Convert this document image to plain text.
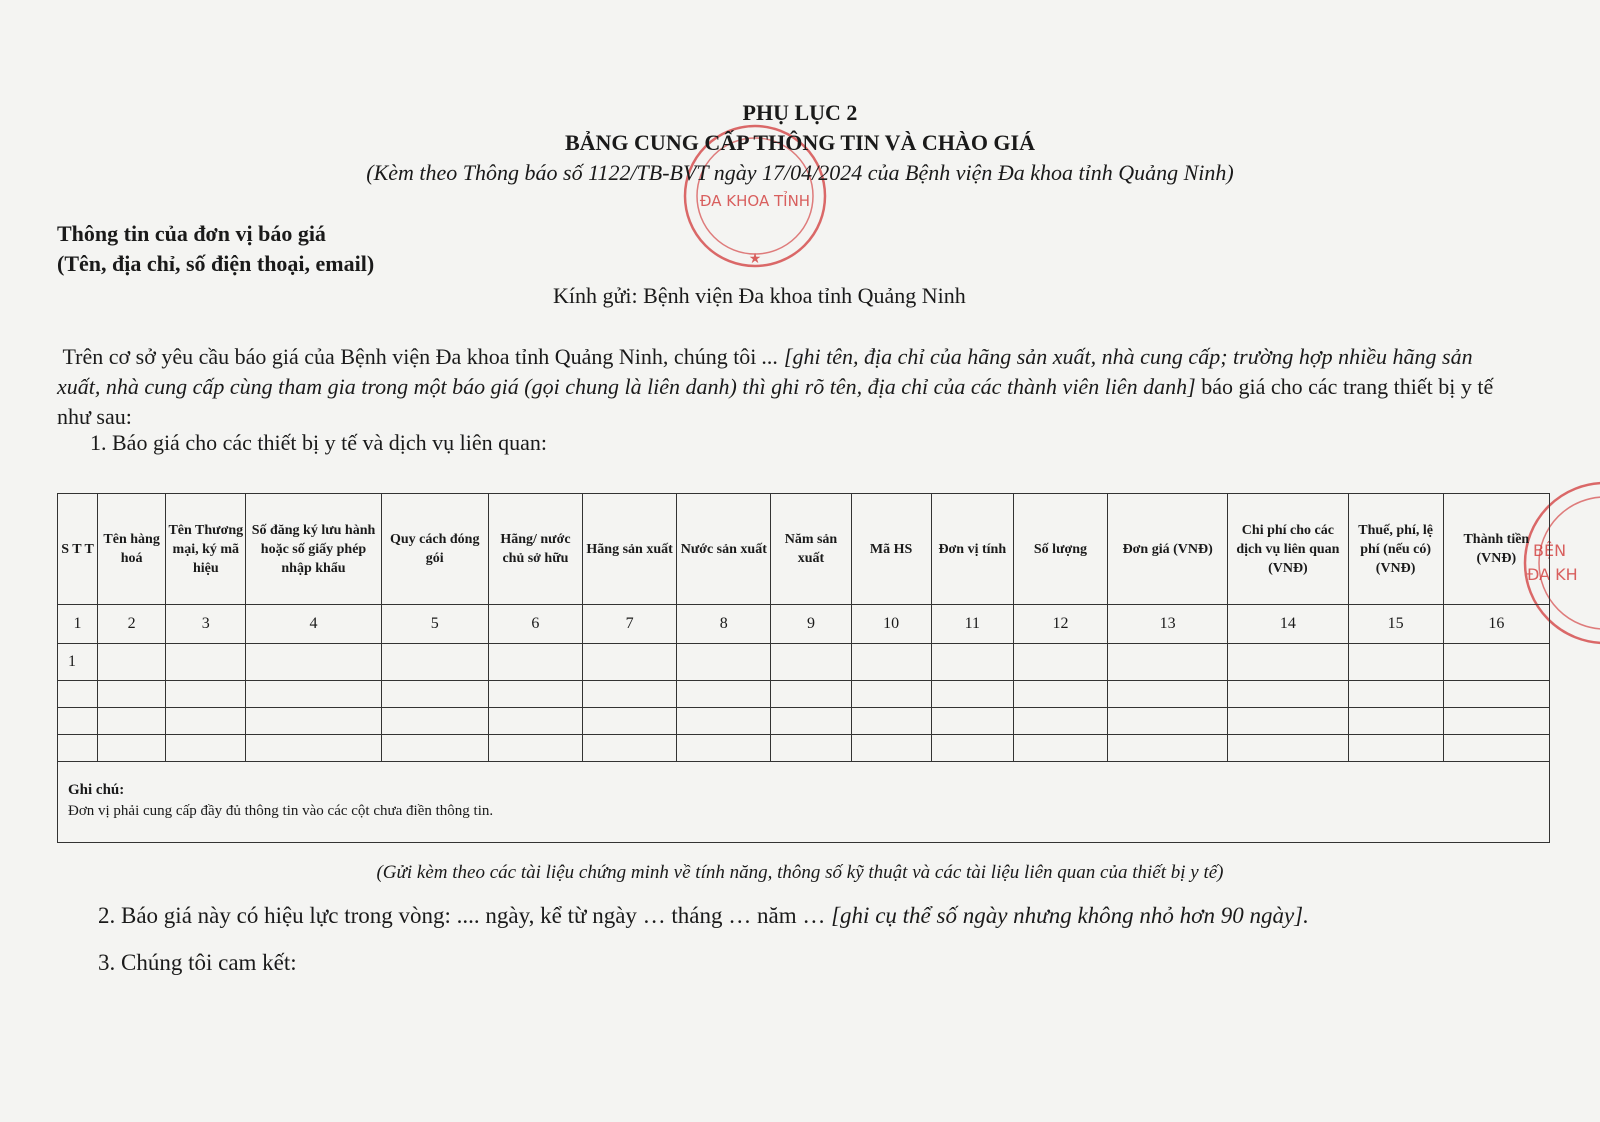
ĐA KHOA TỈNH
★
BỆN
ĐA KH
PHỤ LỤC 2
BẢNG CUNG CẤP THÔNG TIN VÀ CHÀO GIÁ
(Kèm theo Thông báo số 1122/TB-BVT ngày 17/04/2024 của Bệnh viện Đa khoa tỉnh Quảng Ninh)
Thông tin của đơn vị báo giá
(Tên, địa chỉ, số điện thoại, email)
Kính gửi: Bệnh viện Đa khoa tỉnh Quảng Ninh
Trên cơ sở yêu cầu báo giá của Bệnh viện Đa khoa tỉnh Quảng Ninh, chúng tôi ... [ghi tên, địa chỉ của hãng sản xuất, nhà cung cấp; trường hợp nhiều hãng sản xuất, nhà cung cấp cùng tham gia trong một báo giá (gọi chung là liên danh) thì ghi rõ tên, địa chỉ của các thành viên liên danh] báo giá cho các trang thiết bị y tế như sau:
1. Báo giá cho các thiết bị y tế và dịch vụ liên quan:
S T T	Tên hàng hoá	Tên Thương mại, ký mã hiệu	Số đăng ký lưu hành hoặc số giấy phép nhập khẩu	Quy cách đóng gói	Hãng/ nước chủ sở hữu	Hãng sản xuất	Nước sản xuất	Năm sản xuất	Mã HS	Đơn vị tính	Số lượng	Đơn giá (VNĐ)	Chi phí cho các dịch vụ liên quan (VNĐ)	Thuế, phí, lệ phí (nếu có) (VNĐ)	Thành tiền (VNĐ)
1	2	3	4	5	6	7	8	9	10	11	12	13	14	15	16
1															

Ghi chú:
Đơn vị phải cung cấp đầy đủ thông tin vào các cột chưa điền thông tin.															
(Gửi kèm theo các tài liệu chứng minh về tính năng, thông số kỹ thuật và các tài liệu liên quan của thiết bị y tế)
2. Báo giá này có hiệu lực trong vòng: .... ngày, kể từ ngày … tháng … năm … [ghi cụ thể số ngày nhưng không nhỏ hơn 90 ngày].
3. Chúng tôi cam kết:
